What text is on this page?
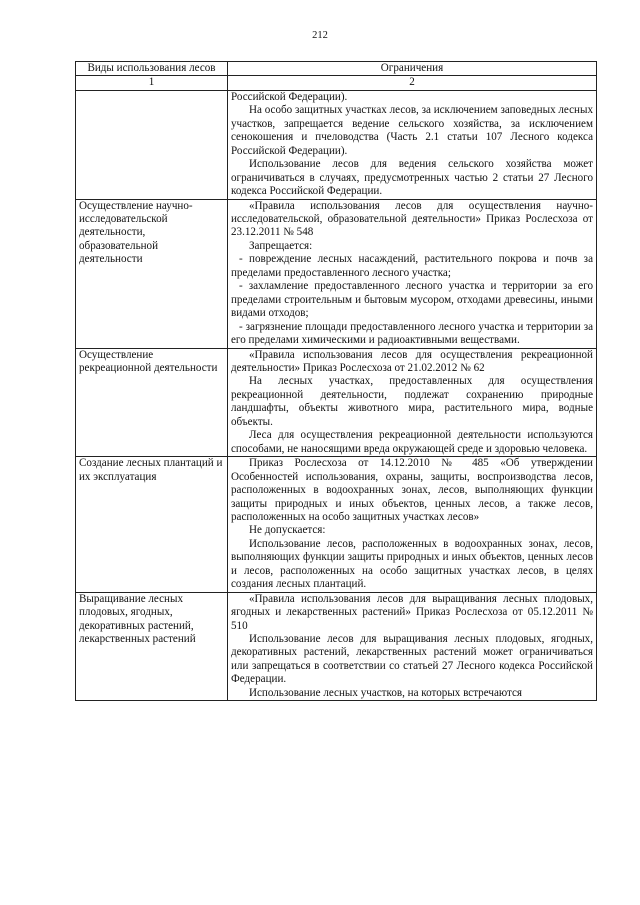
212
Виды использования лесов	Ограничения
1	2

	Российской Федерации).

На особо защитных участках лесов, за исключением заповедных лесных участков, запрещается ведение сельского хозяйства, за исключением сенокошения и пчеловодства (Часть 2.1 статьи 107 Лесного кодекса Российской Федерации).

Использование лесов для ведения сельского хозяйства может ограничиваться в случаях, предусмотренных частью 2 статьи 27 Лесного кодекса Российской Федерации.

Осуществление научно-исследовательской деятельности, образовательной деятельности	«Правила использования лесов для осуществления научно-исследовательской, образовательной деятельности» Приказ Рослесхоза от 23.12.2011 № 548

Запрещается:

- повреждение лесных насаждений, растительного покрова и почв за пределами предоставленного лесного участка;

- захламление предоставленного лесного участка и территории за его пределами строительным и бытовым мусором, отходами древесины, иными видами отходов;

- загрязнение площади предоставленного лесного участка и территории за его пределами химическими и радиоактивными веществами.

Осуществление рекреационной деятельности	«Правила использования лесов для осуществления рекреационной деятельности» Приказ Рослесхоза от 21.02.2012 № 62

На лесных участках, предоставленных для осуществления рекреационной деятельности, подлежат сохранению природные ландшафты, объекты животного мира, растительного мира, водные объекты.

Леса для осуществления рекреационной деятельности используются способами, не наносящими вреда окружающей среде и здоровью человека.

Создание лесных плантаций и их эксплуатация	Приказ Рослесхоза от 14.12.2010 № 485 «Об утверждении Особенностей использования, охраны, защиты, воспроизводства лесов, расположенных в водоохранных зонах, лесов, выполняющих функции защиты природных и иных объектов, ценных лесов, а также лесов, расположенных на особо защитных участках лесов»

Не допускается:

Использование лесов, расположенных в водоохранных зонах, лесов, выполняющих функции защиты природных и иных объектов, ценных лесов и лесов, расположенных на особо защитных участках лесов, в целях создания лесных плантаций.

Выращивание лесных плодовых, ягодных, декоративных растений, лекарственных растений	«Правила использования лесов для выращивания лесных плодовых, ягодных и лекарственных растений» Приказ Рослесхоза от 05.12.2011 № 510

Использование лесов для выращивания лесных плодовых, ягодных, декоративных растений, лекарственных растений может ограничиваться или запрещаться в соответствии со статьей 27 Лесного кодекса Российской Федерации.

Использование лесных участков, на которых встречаются
